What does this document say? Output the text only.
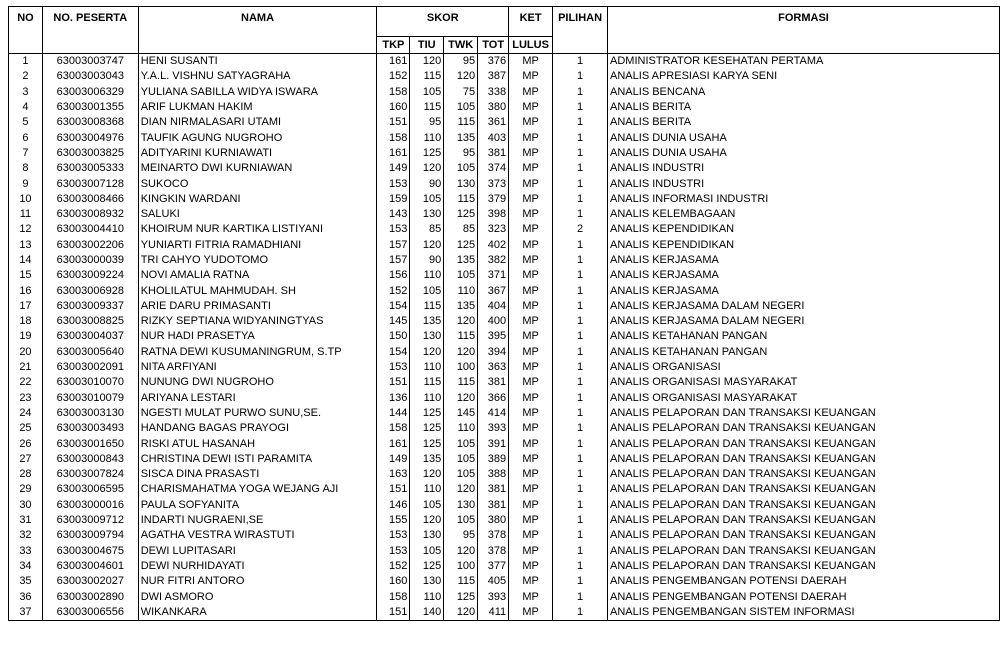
NO	NO. PESERTA	NAMA	SKOR				KET	PILIHAN	FORMASI
			TKP	TIU	TWK	TOT	LULUS		
1	63003003747	HENI SUSANTI	161	120	95	376	MP	1	ADMINISTRATOR KESEHATAN PERTAMA
2	63003003043	Y.A.L. VISHNU SATYAGRAHA	152	115	120	387	MP	1	ANALIS APRESIASI KARYA SENI
3	63003006329	YULIANA SABILLA WIDYA ISWARA	158	105	75	338	MP	1	ANALIS BENCANA
4	63003001355	ARIF LUKMAN HAKIM	160	115	105	380	MP	1	ANALIS BERITA
5	63003008368	DIAN NIRMALASARI UTAMI	151	95	115	361	MP	1	ANALIS BERITA
6	63003004976	TAUFIK AGUNG NUGROHO	158	110	135	403	MP	1	ANALIS DUNIA USAHA
7	63003003825	ADITYARINI KURNIAWATI	161	125	95	381	MP	1	ANALIS DUNIA USAHA
8	63003005333	MEINARTO DWI KURNIAWAN	149	120	105	374	MP	1	ANALIS INDUSTRI
9	63003007128	SUKOCO	153	90	130	373	MP	1	ANALIS INDUSTRI
10	63003008466	KINGKIN WARDANI	159	105	115	379	MP	1	ANALIS INFORMASI INDUSTRI
11	63003008932	SALUKI	143	130	125	398	MP	1	ANALIS KELEMBAGAAN
12	63003004410	KHOIRUM NUR KARTIKA LISTIYANI	153	85	85	323	MP	2	ANALIS KEPENDIDIKAN
13	63003002206	YUNIARTI FITRIA RAMADHIANI	157	120	125	402	MP	1	ANALIS KEPENDIDIKAN
14	63003000039	TRI CAHYO YUDOTOMO	157	90	135	382	MP	1	ANALIS KERJASAMA
15	63003009224	NOVI AMALIA RATNA	156	110	105	371	MP	1	ANALIS KERJASAMA
16	63003006928	KHOLILATUL MAHMUDAH. SH	152	105	110	367	MP	1	ANALIS KERJASAMA
17	63003009337	ARIE DARU PRIMASANTI	154	115	135	404	MP	1	ANALIS KERJASAMA DALAM NEGERI
18	63003008825	RIZKY SEPTIANA WIDYANINGTYAS	145	135	120	400	MP	1	ANALIS KERJASAMA DALAM NEGERI
19	63003004037	NUR HADI PRASETYA	150	130	115	395	MP	1	ANALIS KETAHANAN PANGAN
20	63003005640	RATNA DEWI KUSUMANINGRUM, S.TP	154	120	120	394	MP	1	ANALIS KETAHANAN PANGAN
21	63003002091	NITA ARFIYANI	153	110	100	363	MP	1	ANALIS ORGANISASI
22	63003010070	NUNUNG DWI NUGROHO	151	115	115	381	MP	1	ANALIS ORGANISASI MASYARAKAT
23	63003010079	ARIYANA LESTARI	136	110	120	366	MP	1	ANALIS ORGANISASI MASYARAKAT
24	63003003130	NGESTI MULAT PURWO SUNU,SE.	144	125	145	414	MP	1	ANALIS PELAPORAN DAN TRANSAKSI KEUANGAN
25	63003003493	HANDANG BAGAS PRAYOGI	158	125	110	393	MP	1	ANALIS PELAPORAN DAN TRANSAKSI KEUANGAN
26	63003001650	RISKI ATUL HASANAH	161	125	105	391	MP	1	ANALIS PELAPORAN DAN TRANSAKSI KEUANGAN
27	63003000843	CHRISTINA DEWI ISTI PARAMITA	149	135	105	389	MP	1	ANALIS PELAPORAN DAN TRANSAKSI KEUANGAN
28	63003007824	SISCA DINA PRASASTI	163	120	105	388	MP	1	ANALIS PELAPORAN DAN TRANSAKSI KEUANGAN
29	63003006595	CHARISMAHATMA YOGA WEJANG AJI	151	110	120	381	MP	1	ANALIS PELAPORAN DAN TRANSAKSI KEUANGAN
30	63003000016	PAULA SOFYANITA	146	105	130	381	MP	1	ANALIS PELAPORAN DAN TRANSAKSI KEUANGAN
31	63003009712	INDARTI NUGRAENI,SE	155	120	105	380	MP	1	ANALIS PELAPORAN DAN TRANSAKSI KEUANGAN
32	63003009794	AGATHA VESTRA WIRASTUTI	153	130	95	378	MP	1	ANALIS PELAPORAN DAN TRANSAKSI KEUANGAN
33	63003004675	DEWI LUPITASARI	153	105	120	378	MP	1	ANALIS PELAPORAN DAN TRANSAKSI KEUANGAN
34	63003004601	DEWI NURHIDAYATI	152	125	100	377	MP	1	ANALIS PELAPORAN DAN TRANSAKSI KEUANGAN
35	63003002027	NUR FITRI ANTORO	160	130	115	405	MP	1	ANALIS PENGEMBANGAN POTENSI DAERAH
36	63003002890	DWI ASMORO	158	110	125	393	MP	1	ANALIS PENGEMBANGAN POTENSI DAERAH
37	63003006556	WIKANKARA	151	140	120	411	MP	1	ANALIS PENGEMBANGAN SISTEM INFORMASI
